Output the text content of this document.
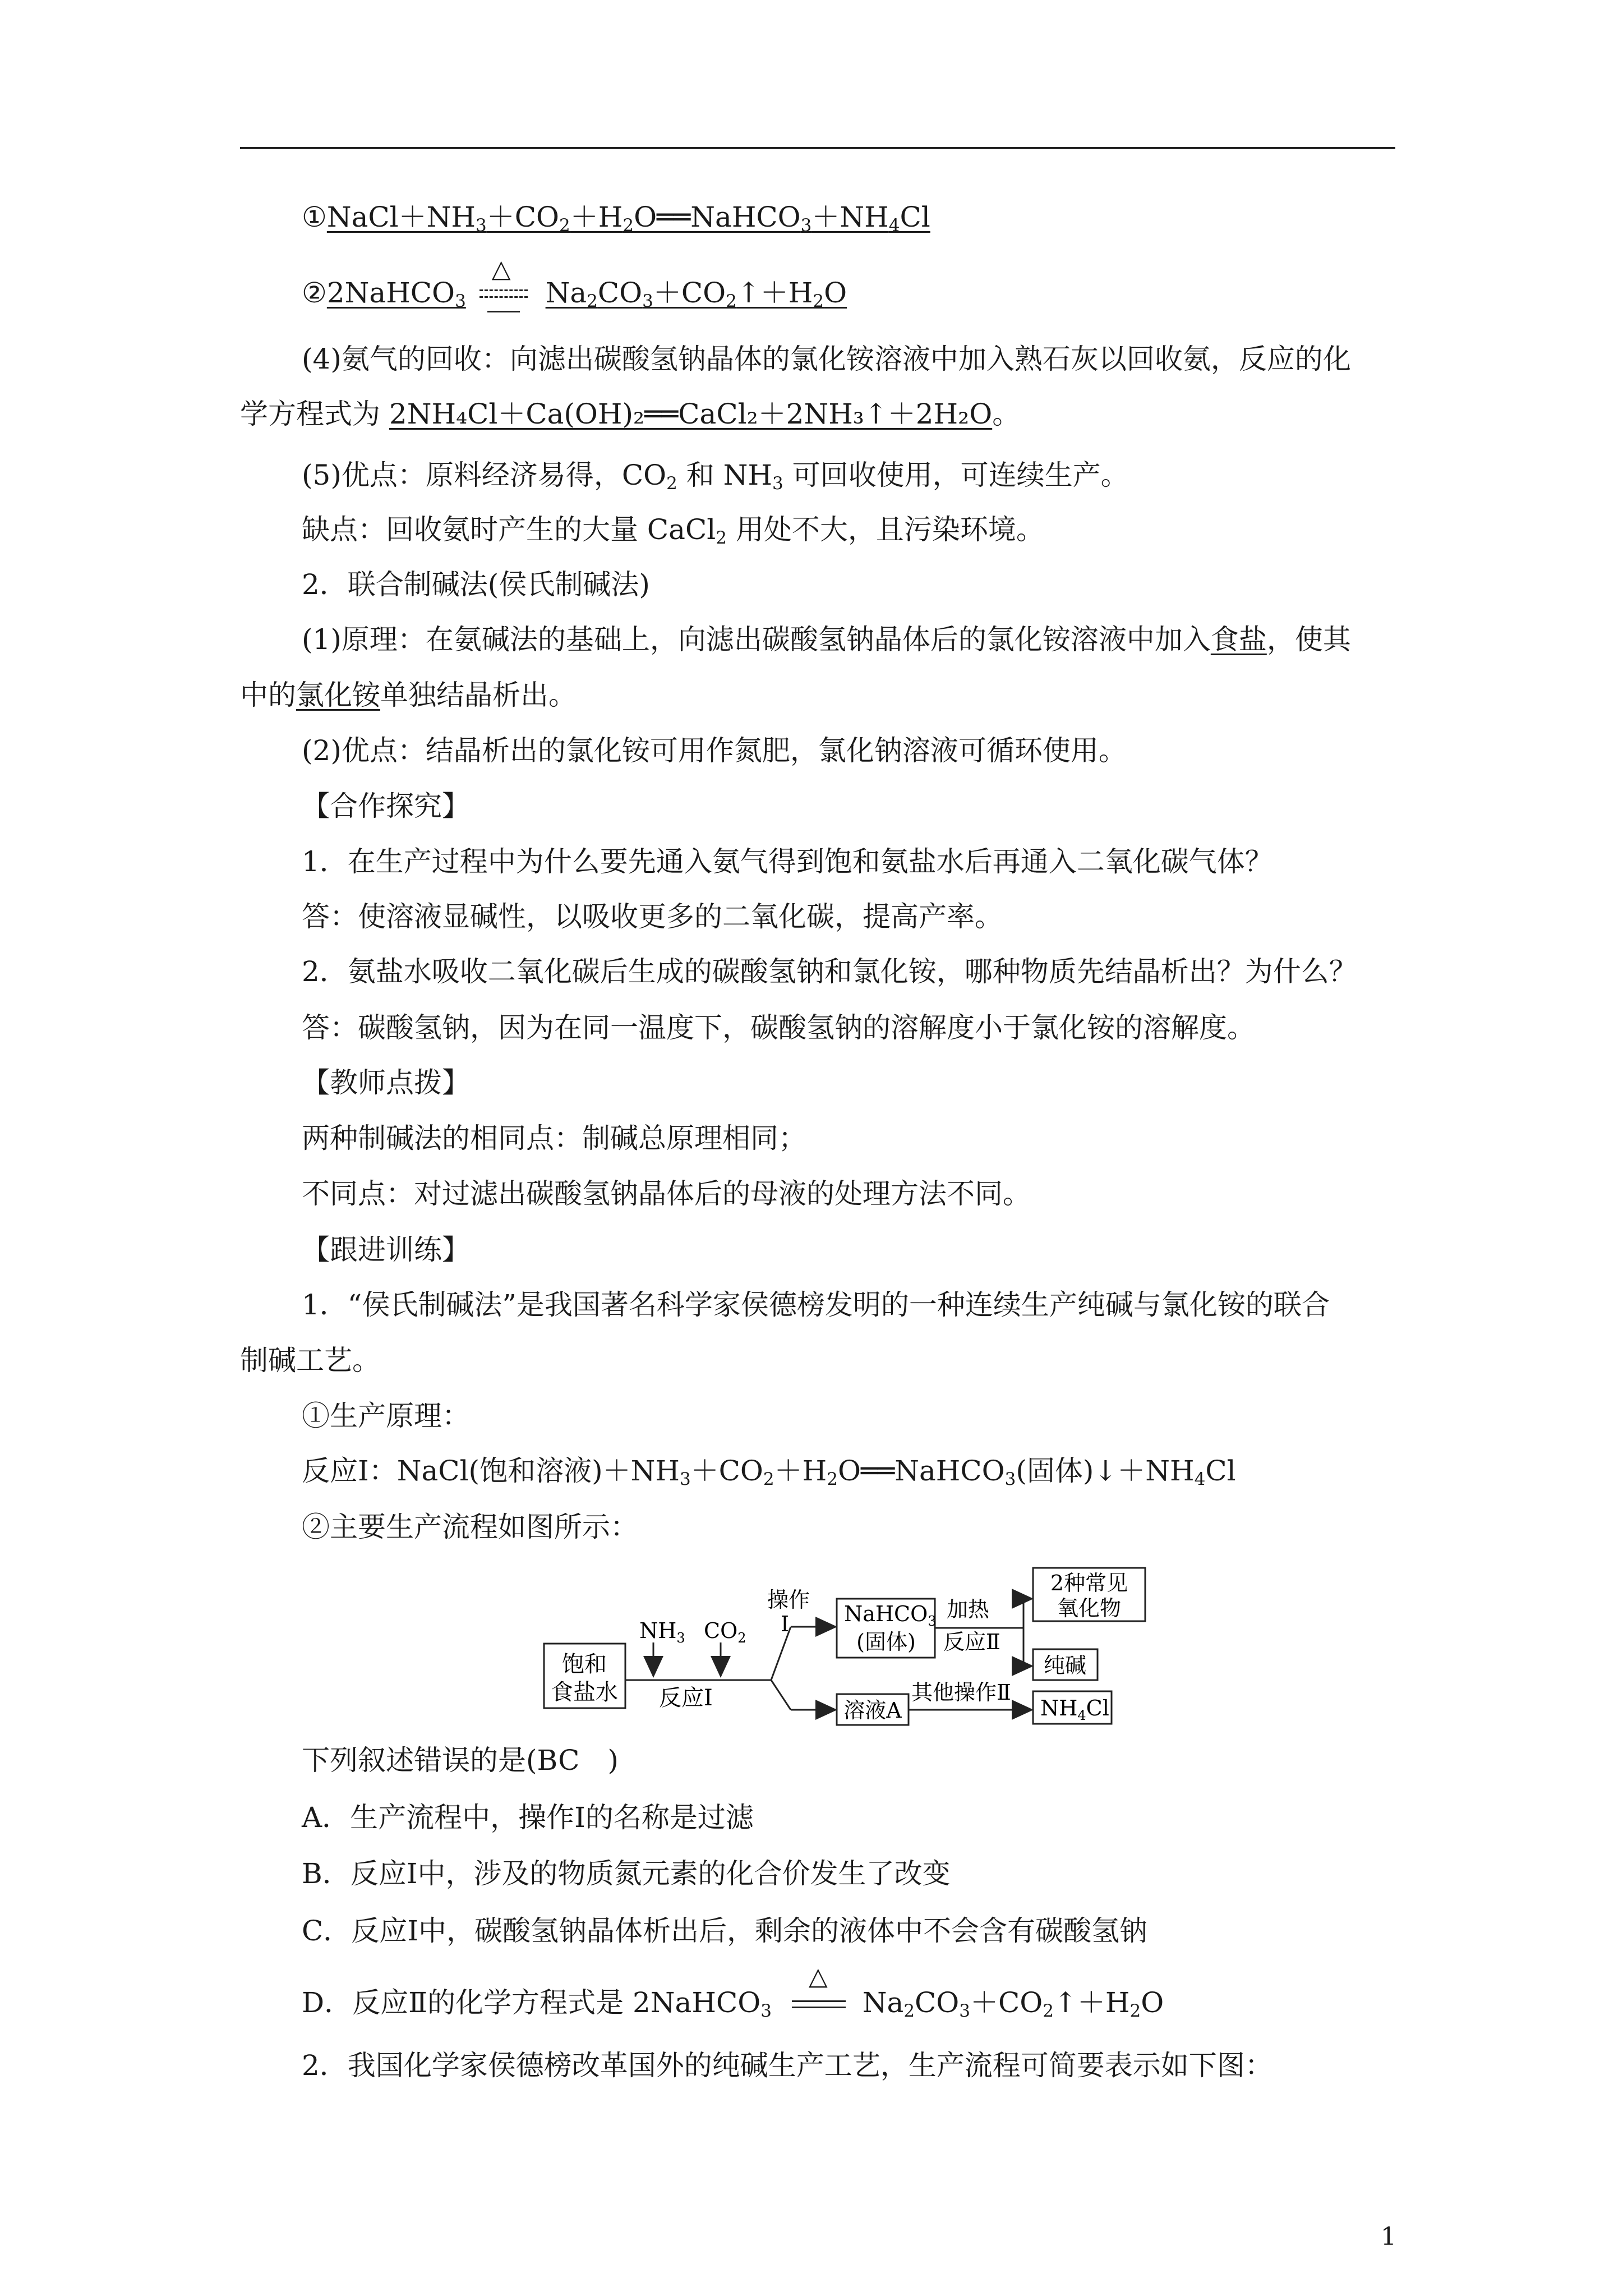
$①NaCl+NH_3+CO_2+H_2O══NaHCO_3+NH_4Cl$
②2NaHCO$_3$
△
$Na_2CO_3+CO_2↑+H_2O$
(4)氨气的回收：向滤出碳酸氢钠晶体的氯化铵溶液中加入熟石灰以回收氨，反应的化
学方程式为 2NH₄Cl＋Ca(OH)₂══CaCl₂＋2NH₃↑＋2H₂O。
(5)优点：原料经济易得，$CO_2$ 和 $NH_3$ 可回收使用，可连续生产。
缺点：回收氨时产生的大量 CaCl$_2$ 用处不大，且污染环境。
2．联合制碱法(侯氏制碱法)
(1)原理：在氨碱法的基础上，向滤出碳酸氢钠晶体后的氯化铵溶液中加入食盐，使其
中的氯化铵单独结晶析出。
(2)优点：结晶析出的氯化铵可用作氮肥，氯化钠溶液可循环使用。
【合作探究】
1．在生产过程中为什么要先通入氨气得到饱和氨盐水后再通入二氧化碳气体？
答：使溶液显碱性，以吸收更多的二氧化碳，提高产率。
2．氨盐水吸收二氧化碳后生成的碳酸氢钠和氯化铵，哪种物质先结晶析出？为什么？
答：碳酸氢钠，因为在同一温度下，碳酸氢钠的溶解度小于氯化铵的溶解度。
【教师点拨】
两种制碱法的相同点：制碱总原理相同；
不同点：对过滤出碳酸氢钠晶体后的母液的处理方法不同。
【跟进训练】
1．“侯氏制碱法”是我国著名科学家侯德榜发明的一种连续生产纯碱与氯化铵的联合
制碱工艺。
①生产原理：
反应Ⅰ：NaCl(饱和溶液)$+NH_3+CO_2+H_2O══NaHCO_3$(固体)$↓+NH_4Cl$
②主要生产流程如图所示：
饱和
食盐水
$NH_3$ $CO_2$
反应Ⅰ
操作
Ⅰ	NaHCO$_3$
(固体)
加热
反应Ⅱ
2种常见
氧化物
纯碱
溶液A
其他操作Ⅱ
$NH_4Cl$
下列叙述错误的是(BC　)
A．生产流程中，操作Ⅰ的名称是过滤
B．反应Ⅰ中，涉及的物质氮元素的化合价发生了改变
C．反应Ⅰ中，碳酸氢钠晶体析出后，剩余的液体中不会含有碳酸氢钠
D．反应Ⅱ的化学方程式是 2NaHCO$_3$
△
$Na_2CO_3+CO_2↑+H_2O$
2．我国化学家侯德榜改革国外的纯碱生产工艺，生产流程可简要表示如下图：
1
